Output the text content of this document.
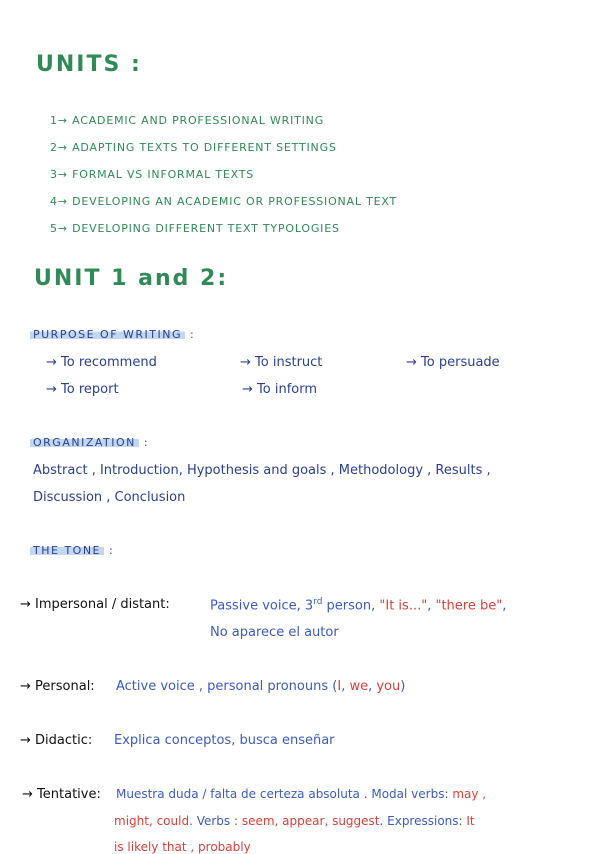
UNITS :
1→ ACADEMIC AND PROFESSIONAL WRITING
2→ ADAPTING TEXTS TO DIFFERENT SETTINGS
3→ FORMAL VS INFORMAL TEXTS
4→ DEVELOPING AN ACADEMIC OR PROFESSIONAL TEXT
5→ DEVELOPING DIFFERENT TEXT TYPOLOGIES
UNIT 1 and 2:
PURPOSE OF WRITING :
→ To recommend	→ To instruct	→ To persuade
→ To report	→ To inform
ORGANIZATION :
Abstract , Introduction, Hypothesis and goals , Methodology , Results ,
Discussion , Conclusion
THE TONE :
→ Impersonal / distant:	Passive voice, 3rd person, "It is...", "there be",
No aparece el autor
→ Personal: Active voice , personal pronouns (I, we, you)
→ Didactic: Explica conceptos, busca enseñar
→ Tentative: Muestra duda / falta de certeza absoluta . Modal verbs: may ,
might, could. Verbs : seem, appear, suggest. Expressions: It
is likely that , probably
